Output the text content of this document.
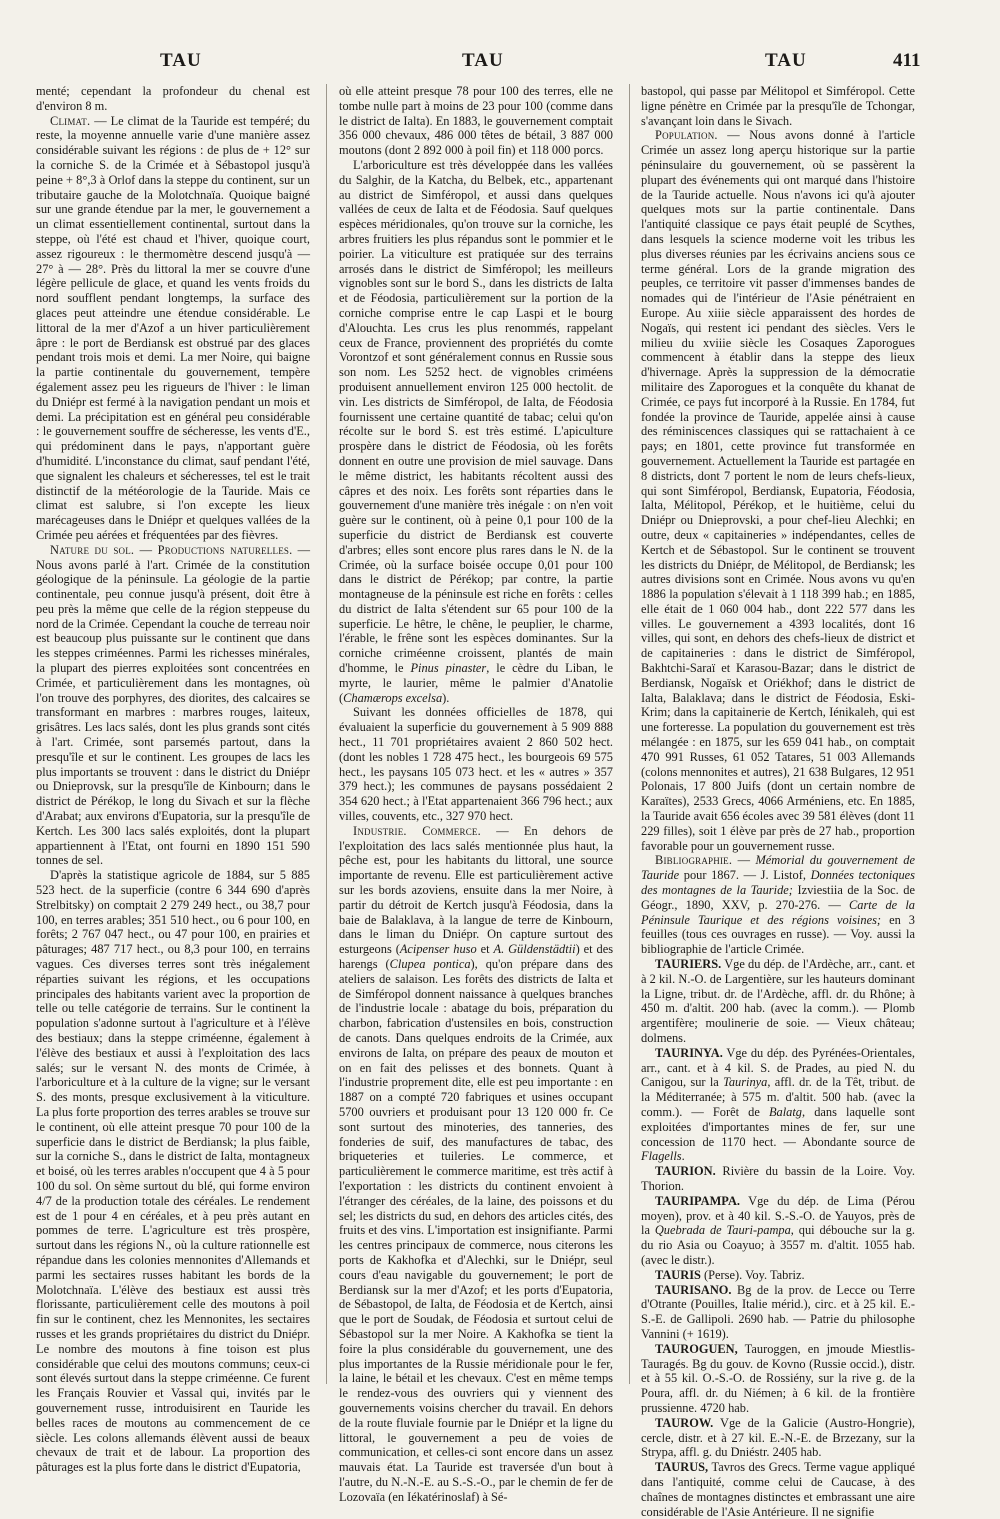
TAU	TAU	TAU	411

menté; cependant la profondeur du chenal est d'environ 8 m.

Climat. — Le climat de la Tauride est tempéré; du reste, la moyenne annuelle varie d'une manière assez considérable suivant les régions : de plus de + 12° sur la corniche S. de la Crimée et à Sébastopol jusqu'à peine + 8°,3 à Orlof dans la steppe du continent, sur un tributaire gauche de la Molotchnaïa. Quoique baigné sur une grande étendue par la mer, le gouvernement a un climat essentiellement continental, surtout dans la steppe, où l'été est chaud et l'hiver, quoique court, assez rigoureux : le thermomètre descend jusqu'à — 27° à — 28°. Près du littoral la mer se couvre d'une légère pellicule de glace, et quand les vents froids du nord soufflent pendant longtemps, la surface des glaces peut atteindre une étendue considérable. Le littoral de la mer d'Azof a un hiver particulièrement âpre : le port de Berdiansk est obstrué par des glaces pendant trois mois et demi. La mer Noire, qui baigne la partie continentale du gouvernement, tempère également assez peu les rigueurs de l'hiver : le liman du Dniépr est fermé à la navigation pendant un mois et demi. La précipitation est en général peu considérable : le gouvernement souffre de sécheresse, les vents d'E., qui prédominent dans le pays, n'apportant guère d'humidité. L'inconstance du climat, sauf pendant l'été, que signalent les chaleurs et sécheresses, tel est le trait distinctif de la météorologie de la Tauride. Mais ce climat est salubre, si l'on excepte les lieux marécageuses dans le Dniépr et quelques vallées de la Crimée peu aérées et fréquentées par des fièvres.

Nature du sol. — Productions naturelles. — Nous avons parlé à l'art. Crimée de la constitution géologique de la péninsule. La géologie de la partie continentale, peu connue jusqu'à présent, doit être à peu près la même que celle de la région steppeuse du nord de la Crimée. Cependant la couche de terreau noir est beaucoup plus puissante sur le continent que dans les steppes criméennes. Parmi les richesses minérales, la plupart des pierres exploitées sont concentrées en Crimée, et particulièrement dans les montagnes, où l'on trouve des porphyres, des diorites, des calcaires se transformant en marbres : marbres rouges, laiteux, grisâtres. Les lacs salés, dont les plus grands sont cités à l'art. Crimée, sont parsemés partout, dans la presqu'île et sur le continent. Les groupes de lacs les plus importants se trouvent : dans le district du Dniépr ou Dnieprovsk, sur la presqu'île de Kinbourn; dans le district de Pérékop, le long du Sivach et sur la flèche d'Arabat; aux environs d'Eupatoria, sur la presqu'île de Kertch. Les 300 lacs salés exploités, dont la plupart appartiennent à l'Etat, ont fourni en 1890 151 590 tonnes de sel.

D'après la statistique agricole de 1884, sur 5 885 523 hect. de la superficie (contre 6 344 690 d'après Strelbitsky) on comptait 2 279 249 hect., ou 38,7 pour 100, en terres arables; 351 510 hect., ou 6 pour 100, en forêts; 2 767 047 hect., ou 47 pour 100, en prairies et pâturages; 487 717 hect., ou 8,3 pour 100, en terrains vagues. Ces diverses terres sont très inégalement réparties suivant les régions, et les occupations principales des habitants varient avec la proportion de telle ou telle catégorie de terrains. Sur le continent la population s'adonne surtout à l'agriculture et à l'élève des bestiaux; dans la steppe criméenne, également à l'élève des bestiaux et aussi à l'exploitation des lacs salés; sur le versant N. des monts de Crimée, à l'arboriculture et à la culture de la vigne; sur le versant S. des monts, presque exclusivement à la viticulture. La plus forte proportion des terres arables se trouve sur le continent, où elle atteint presque 70 pour 100 de la superficie dans le district de Berdiansk; la plus faible, sur la corniche S., dans le district de Ialta, montagneux et boisé, où les terres arables n'occupent que 4 à 5 pour 100 du sol. On sème surtout du blé, qui forme environ 4/7 de la production totale des céréales. Le rendement est de 1 pour 4 en céréales, et à peu près autant en pommes de terre. L'agriculture est très prospère, surtout dans les régions N., où la culture rationnelle est répandue dans les colonies mennonites d'Allemands et parmi les sectaires russes habitant les bords de la Molotchnaïa. L'élève des bestiaux est aussi très florissante, particulièrement celle des moutons à poil fin sur le continent, chez les Mennonites, les sectaires russes et les grands propriétaires du district du Dniépr. Le nombre des moutons à fine toison est plus considérable que celui des moutons communs; ceux-ci sont élevés surtout dans la steppe criméenne. Ce furent les Français Rouvier et Vassal qui, invités par le gouvernement russe, introduisirent en Tauride les belles races de moutons au commencement de ce siècle. Les colons allemands élèvent aussi de beaux chevaux de trait et de labour. La proportion des pâturages est la plus forte dans le district d'Eupatoria,

où elle atteint presque 78 pour 100 des terres, elle ne tombe nulle part à moins de 23 pour 100 (comme dans le district de Ialta). En 1883, le gouvernement comptait 356 000 chevaux, 486 000 têtes de bétail, 3 887 000 moutons (dont 2 892 000 à poil fin) et 118 000 porcs.

L'arboriculture est très développée dans les vallées du Salghir, de la Katcha, du Belbek, etc., appartenant au district de Simféropol, et aussi dans quelques vallées de ceux de Ialta et de Féodosia. Sauf quelques espèces méridionales, qu'on trouve sur la corniche, les arbres fruitiers les plus répandus sont le pommier et le poirier. La viticulture est pratiquée sur des terrains arrosés dans le district de Simféropol; les meilleurs vignobles sont sur le bord S., dans les districts de Ialta et de Féodosia, particulièrement sur la portion de la corniche comprise entre le cap Laspi et le bourg d'Alouchta. Les crus les plus renommés, rappelant ceux de France, proviennent des propriétés du comte Vorontzof et sont généralement connus en Russie sous son nom. Les 5252 hect. de vignobles criméens produisent annuellement environ 125 000 hectolit. de vin. Les districts de Simféropol, de Ialta, de Féodosia fournissent une certaine quantité de tabac; celui qu'on récolte sur le bord S. est très estimé. L'apiculture prospère dans le district de Féodosia, où les forêts donnent en outre une provision de miel sauvage. Dans le même district, les habitants récoltent aussi des câpres et des noix. Les forêts sont réparties dans le gouvernement d'une manière très inégale : on n'en voit guère sur le continent, où à peine 0,1 pour 100 de la superficie du district de Berdiansk est couverte d'arbres; elles sont encore plus rares dans le N. de la Crimée, où la surface boisée occupe 0,01 pour 100 dans le district de Pérékop; par contre, la partie montagneuse de la péninsule est riche en forêts : celles du district de Ialta s'étendent sur 65 pour 100 de la superficie. Le hêtre, le chêne, le peuplier, le charme, l'érable, le frêne sont les espèces dominantes. Sur la corniche criméenne croissent, plantés de main d'homme, le Pinus pinaster, le cèdre du Liban, le myrte, le laurier, même le palmier d'Anatolie (Chamærops excelsa).

Suivant les données officielles de 1878, qui évaluaient la superficie du gouvernement à 5 909 888 hect., 11 701 propriétaires avaient 2 860 502 hect. (dont les nobles 1 728 475 hect., les bourgeois 69 575 hect., les paysans 105 073 hect. et les « autres » 357 379 hect.); les communes de paysans possédaient 2 354 620 hect.; à l'Etat appartenaient 366 796 hect.; aux villes, couvents, etc., 327 970 hect.

Industrie. Commerce. — En dehors de l'exploitation des lacs salés mentionnée plus haut, la pêche est, pour les habitants du littoral, une source importante de revenu. Elle est particulièrement active sur les bords azoviens, ensuite dans la mer Noire, à partir du détroit de Kertch jusqu'à Féodosia, dans la baie de Balaklava, à la langue de terre de Kinbourn, dans le liman du Dniépr. On capture surtout des esturgeons (Acipenser huso et A. Güldenstädtii) et des harengs (Clupea pontica), qu'on prépare dans des ateliers de salaison. Les forêts des districts de Ialta et de Simféropol donnent naissance à quelques branches de l'industrie locale : abatage du bois, préparation du charbon, fabrication d'ustensiles en bois, construction de canots. Dans quelques endroits de la Crimée, aux environs de Ialta, on prépare des peaux de mouton et on en fait des pelisses et des bonnets. Quant à l'industrie proprement dite, elle est peu importante : en 1887 on a compté 720 fabriques et usines occupant 5700 ouvriers et produisant pour 13 120 000 fr. Ce sont surtout des minoteries, des tanneries, des fonderies de suif, des manufactures de tabac, des briqueteries et tuileries. Le commerce, et particulièrement le commerce maritime, est très actif à l'exportation : les districts du continent envoient à l'étranger des céréales, de la laine, des poissons et du sel; les districts du sud, en dehors des articles cités, des fruits et des vins. L'importation est insignifiante. Parmi les centres principaux de commerce, nous citerons les ports de Kakhofka et d'Alechki, sur le Dniépr, seul cours d'eau navigable du gouvernement; le port de Berdiansk sur la mer d'Azof; et les ports d'Eupatoria, de Sébastopol, de Ialta, de Féodosia et de Kertch, ainsi que le port de Soudak, de Féodosia et surtout celui de Sébastopol sur la mer Noire. A Kakhofka se tient la foire la plus considérable du gouvernement, une des plus importantes de la Russie méridionale pour le fer, la laine, le bétail et les chevaux. C'est en même temps le rendez-vous des ouvriers qui y viennent des gouvernements voisins chercher du travail. En dehors de la route fluviale fournie par le Dniépr et la ligne du littoral, le gouvernement a peu de voies de communication, et celles-ci sont encore dans un assez mauvais état. La Tauride est traversée d'un bout à l'autre, du N.-N.-E. au S.-S.-O., par le chemin de fer de Lozovaïa (en Iékatérinoslaf) à Sé-

bastopol, qui passe par Mélitopol et Simféropol. Cette ligne pénètre en Crimée par la presqu'île de Tchongar, s'avançant loin dans le Sivach.

Population. — Nous avons donné à l'article Crimée un assez long aperçu historique sur la partie péninsulaire du gouvernement, où se passèrent la plupart des événements qui ont marqué dans l'histoire de la Tauride actuelle. Nous n'avons ici qu'à ajouter quelques mots sur la partie continentale. Dans l'antiquité classique ce pays était peuplé de Scythes, dans lesquels la science moderne voit les tribus les plus diverses réunies par les écrivains anciens sous ce terme général. Lors de la grande migration des peuples, ce territoire vit passer d'immenses bandes de nomades qui de l'intérieur de l'Asie pénétraient en Europe. Au xiiie siècle apparaissent des hordes de Nogaïs, qui restent ici pendant des siècles. Vers le milieu du xviiie siècle les Cosaques Zaporogues commencent à établir dans la steppe des lieux d'hivernage. Après la suppression de la démocratie militaire des Zaporogues et la conquête du khanat de Crimée, ce pays fut incorporé à la Russie. En 1784, fut fondée la province de Tauride, appelée ainsi à cause des réminiscences classiques qui se rattachaient à ce pays; en 1801, cette province fut transformée en gouvernement. Actuellement la Tauride est partagée en 8 districts, dont 7 portent le nom de leurs chefs-lieux, qui sont Simféropol, Berdiansk, Eupatoria, Féodosia, Ialta, Mélitopol, Pérékop, et le huitième, celui du Dniépr ou Dnieprovski, a pour chef-lieu Alechki; en outre, deux « capitaineries » indépendantes, celles de Kertch et de Sébastopol. Sur le continent se trouvent les districts du Dniépr, de Mélitopol, de Berdiansk; les autres divisions sont en Crimée. Nous avons vu qu'en 1886 la population s'élevait à 1 118 399 hab.; en 1885, elle était de 1 060 004 hab., dont 222 577 dans les villes. Le gouvernement a 4393 localités, dont 16 villes, qui sont, en dehors des chefs-lieux de district et de capitaineries : dans le district de Simféropol, Bakhtchi-Saraï et Karasou-Bazar; dans le district de Berdiansk, Nogaïsk et Oriékhof; dans le district de Ialta, Balaklava; dans le district de Féodosia, Eski-Krim; dans la capitainerie de Kertch, Iénikaleh, qui est une forteresse. La population du gouvernement est très mélangée : en 1875, sur les 659 041 hab., on comptait 470 991 Russes, 61 052 Tatares, 51 003 Allemands (colons mennonites et autres), 21 638 Bulgares, 12 951 Polonais, 17 800 Juifs (dont un certain nombre de Karaïtes), 2533 Grecs, 4066 Arméniens, etc. En 1885, la Tauride avait 656 écoles avec 39 581 élèves (dont 11 229 filles), soit 1 élève par près de 27 hab., proportion favorable pour un gouvernement russe.

Bibliographie. — Mémorial du gouvernement de Tauride pour 1867. — J. Listof, Données tectoniques des montagnes de la Tauride; Izviestiia de la Soc. de Géogr., 1890, XXV, p. 270-276. — Carte de la Péninsule Taurique et des régions voisines; en 3 feuilles (tous ces ouvrages en russe). — Voy. aussi la bibliographie de l'article Crimée.

TAURIERS. Vge du dép. de l'Ardèche, arr., cant. et à 2 kil. N.-O. de Largentière, sur les hauteurs dominant la Ligne, tribut. dr. de l'Ardèche, affl. dr. du Rhône; à 450 m. d'altit. 200 hab. (avec la comm.). — Plomb argentifère; moulinerie de soie. — Vieux château; dolmens.

TAURINYA. Vge du dép. des Pyrénées-Orientales, arr., cant. et à 4 kil. S. de Prades, au pied N. du Canigou, sur la Taurinya, affl. dr. de la Têt, tribut. de la Méditerranée; à 575 m. d'altit. 500 hab. (avec la comm.). — Forêt de Balatg, dans laquelle sont exploitées d'importantes mines de fer, sur une concession de 1170 hect. — Abondante source de Flagells.

TAURION. Rivière du bassin de la Loire. Voy. Thorion.

TAURIPAMPA. Vge du dép. de Lima (Pérou moyen), prov. et à 40 kil. S.-S.-O. de Yauyos, près de la Quebrada de Tauri-pampa, qui débouche sur la g. du rio Asia ou Coayuo; à 3557 m. d'altit. 1055 hab. (avec le distr.).

TAURIS (Perse). Voy. Tabriz.

TAURISANO. Bg de la prov. de Lecce ou Terre d'Otrante (Pouilles, Italie mérid.), circ. et à 25 kil. E.-S.-E. de Gallipoli. 2690 hab. — Patrie du philosophe Vannini (+ 1619).

TAUROGUEN, Tauroggen, en jmoude Miestlis-Tauragés. Bg du gouv. de Kovno (Russie occid.), distr. et à 55 kil. O.-S.-O. de Rossiény, sur la rive g. de la Poura, affl. dr. du Niémen; à 6 kil. de la frontière prussienne. 4720 hab.

TAUROW. Vge de la Galicie (Austro-Hongrie), cercle, distr. et à 27 kil. E.-N.-E. de Brzezany, sur la Strypa, affl. g. du Dniéstr. 2405 hab.

TAURUS, Tavros des Grecs. Terme vague appliqué dans l'antiquité, comme celui de Caucase, à des chaînes de montagnes distinctes et embrassant une aire considérable de l'Asie Antérieure. Il ne signifie
